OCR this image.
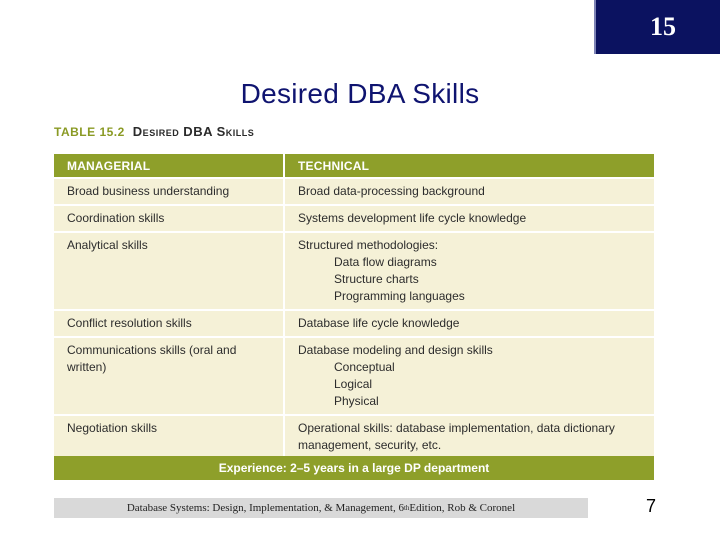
15
Desired DBA Skills
TABLE 15.2 Desired DBA Skills
MANAGERIAL	TECHNICAL
Broad business understanding	Broad data-processing background

Coordination skills	Systems development life cycle knowledge

Analytical skills	Structured methodologies:
Data flow diagrams
Structure charts
Programming languages

Conflict resolution skills	Database life cycle knowledge

Communications skills (oral and written)	Database modeling and design skills
Conceptual
Logical
Physical

Negotiation skills	Operational skills: database implementation, data dictionary
management, security, etc.
Experience: 2–5 years in a large DP department
Database Systems: Design, Implementation, & Management, 6 th Edition, Rob & Coronel	7
